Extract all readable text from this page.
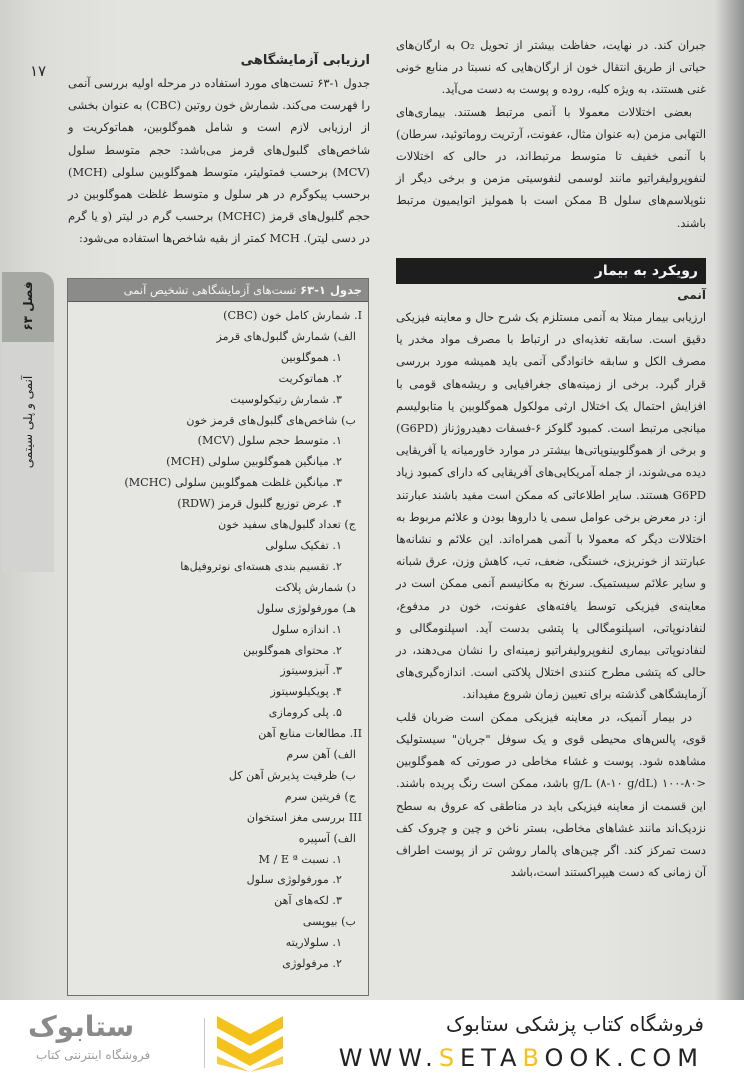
۱۷
فصل ۶۳
آنمی و پلی سیتمی
ارزیابی آزمایشگاهی

جدول ۱-۶۳ تست‌های مورد استفاده در مرحله اولیه بررسی آنمی را فهرست می‌کند. شمارش خون روتین (CBC) به عنوان بخشی از ارزیابی لازم است و شامل هموگلوبین، هماتوکریت و شاخص‌های گلبول‌های قرمز می‌باشد: حجم متوسط سلول (MCV) برحسب فمتولیتر، متوسط هموگلوبین سلولی (MCH) برحسب پیکوگرم در هر سلول و متوسط غلظت هموگلوبین در حجم گلبول‌های قرمز (MCHC) برحسب گرم در لیتر (و یا گرم در دسی لیتر). MCH کمتر از بقیه شاخص‌ها استفاده می‌شود:

جدول ۱-۶۳ تست‌های آزمایشگاهی تشخیص آنمی
I. شمارش کامل خون (CBC)
الف) شمارش گلبول‌های قرمز
۱. هموگلوبین
۲. هماتوکریت
۳. شمارش رتیکولوسیت
ب) شاخص‌های گلبول‌های قرمز خون
۱. متوسط حجم سلول (MCV)
۲. میانگین هموگلوبین سلولی (MCH)
۳. میانگین غلظت هموگلوبین سلولی (MCHC)
۴. عرض توزیع گلبول قرمز (RDW)
ج) تعداد گلبول‌های سفید خون
۱. تفکیک سلولی
۲. تقسیم بندی هسته‌ای نوتروفیل‌ها
د) شمارش پلاکت
هـ) مورفولوژی سلول
۱. اندازه سلول
۲. محتوای هموگلوبین
۳. آنیزوسیتوز
۴. پویکیلوسیتوز
۵. پلی کرومازی
II. مطالعات منابع آهن
الف) آهن سرم
ب) ظرفیت پذیرش آهن کل
ج) فریتین سرم
III بررسی مغز استخوان
الف) آسپیره
۱. نسبت M / E ª
۲. مورفولوژی سلول
۳. لکه‌های آهن
ب) بیوپسی
۱. سلولاریته
۲. مرفولوژی

جبران کند. در نهایت، حفاظت بیشتر از تحویل O₂ به ارگان‌های حیاتی از طریق انتقال خون از ارگان‌هایی که نسبتا در منابع خونی غنی هستند، به ویژه کلیه، روده و پوست به دست می‌آید.

بعضی اختلالات معمولا با آنمی مرتبط هستند. بیماری‌های التهابی مزمن (به عنوان مثال، عفونت، آرتریت روماتوئید، سرطان) با آنمی خفیف تا متوسط مرتبط‌اند، در حالی که اختلالات لنفوپرولیفراتیو مانند لوسمی لنفوسیتی مزمن و برخی دیگر از نئوپلاسم‌های سلول B ممکن است با همولیز اتوایمیون مرتبط باشند.

رویکرد به بیمار

آنمی

ارزیابی بیمار مبتلا به آنمی مستلزم یک شرح حال و معاینه فیزیکی دقیق است. سابقه تغذیه‌ای در ارتباط با مصرف مواد مخدر یا مصرف الکل و سابقه خانوادگی آنمی باید همیشه مورد بررسی قرار گیرد. برخی از زمینه‌های جغرافیایی و ریشه‌های قومی با افزایش احتمال یک اختلال ارثی مولکول هموگلوبین یا متابولیسم میانجی مرتبط است. کمبود گلوکز ۶-فسفات دهیدروژناز (G6PD) و برخی از هموگلوبینوپاتی‌ها بیشتر در موارد خاورمیانه یا آفریقایی دیده می‌شوند، از جمله آمریکایی‌های آفریقایی که دارای کمبود زیاد G6PD هستند. سایر اطلاعاتی که ممکن است مفید باشند عبارتند از: در معرض برخی عوامل سمی یا داروها بودن و علائم مربوط به اختلالات دیگر که معمولا با آنمی همراه‌اند. این علائم و نشانه‌ها عبارتند از خونریزی، خستگی، ضعف، تب، کاهش وزن، عرق شبانه و سایر علائم سیستمیک. سرنخ به مکانیسم آنمی ممکن است در معاینه‌ی فیزیکی توسط یافته‌های عفونت، خون در مدفوع، لنفادنوپاتی، اسپلنومگالی یا پتشی بدست آید. اسپلنومگالی و لنفادنوپاتی بیماری لنفوپرولیفراتیو زمینه‌ای را نشان می‌دهند، در حالی که پتشی مطرح کنندی اختلال پلاکتی است. اندازه‌گیری‌های آزمایشگاهی گذشته برای تعیین زمان شروع مفیداند.

در بیمار آنمیک، در معاینه فیزیکی ممکن است ضربان قلب قوی، پالس‌های محیطی قوی و یک سوفل "جریان" سیستولیک مشاهده شود. پوست و غشاء مخاطی در صورتی که هموگلوبین <۸۰-۱۰۰ g/L (۸-۱۰ g/dL) باشد، ممکن است رنگ پریده باشند. این قسمت از معاینه فیزیکی باید در مناطقی که عروق به سطح نزدیک‌اند مانند غشاهای مخاطی، بستر ناخن و چین و چروک کف دست تمرکز کند. اگر چین‌های پالمار روشن تر از پوست اطراف آن زمانی که دست هیپراکستند است،باشد

ستابوک
فروشگاه اینترنتی کتاب
فروشگاه کتاب پزشکی ستابوک
WWW.SETABOOK.COM
